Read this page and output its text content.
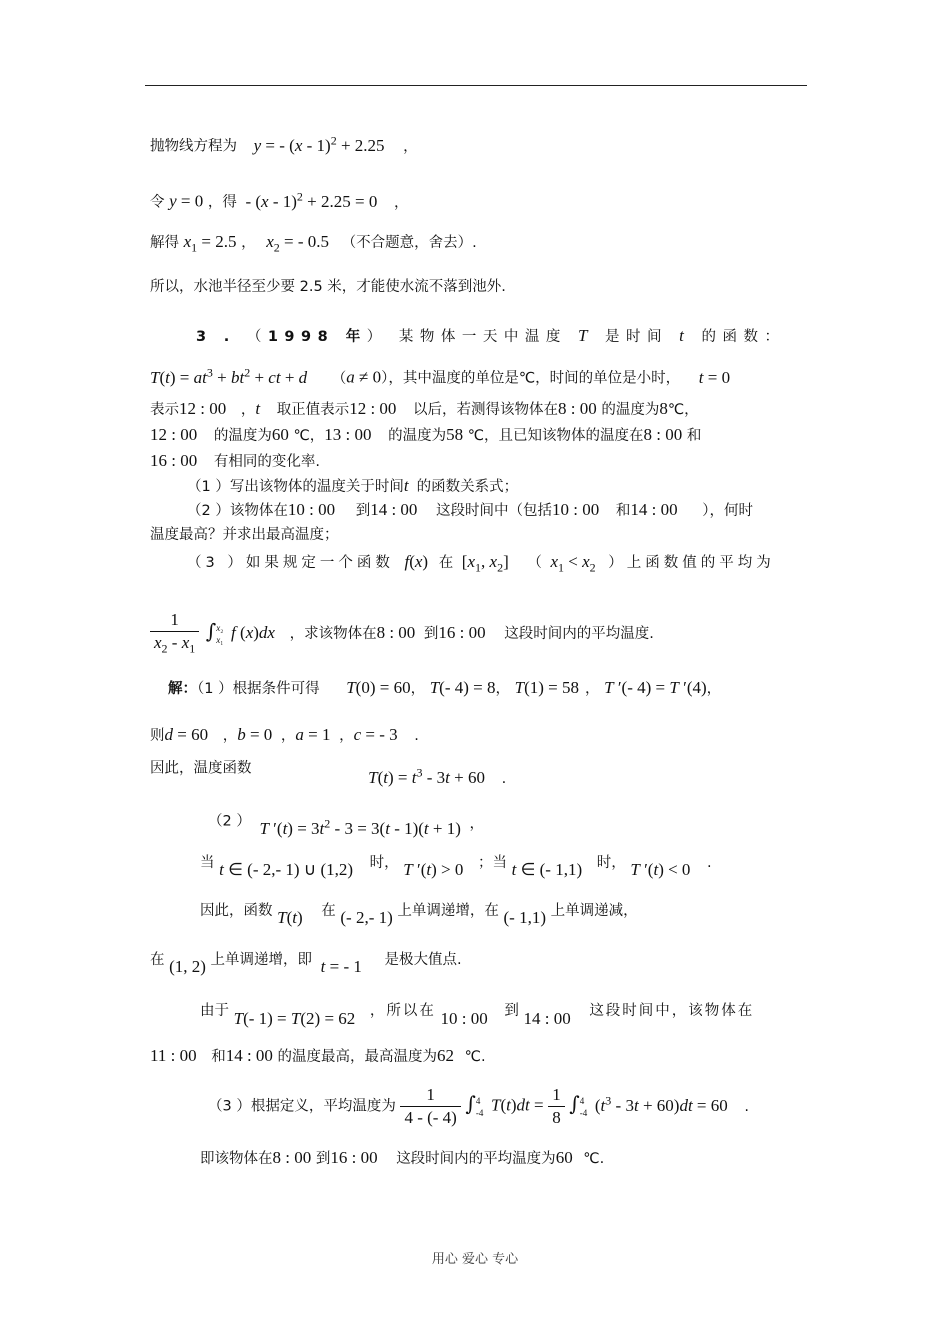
抛物线方程为 y = - (x - 1)$^2$ + 2.25 ，
令 y = 0 ，得 - (x - 1)$^2$ + 2.25 = 0 ，
解得 $x_1 = 2.5$ ， $x_2$ = - 0.5 （不合题意，舍去）.
所以，水池半径至少要 2.5 米，才能使水流不落到池外.
3 . （1998 年） 某物体一天中温度 T 是时间 t 的函数：
$T(t) = at^3 + bt^2$ + ct + d （a ≠ 0），其中温度的单位是℃，时间的单位是小时， t = 0
表示12 : 00 ，t 取正值表示12 : 00 以后，若测得该物体在8 : 00 的温度为8℃，
12 : 00 的温度为60 ℃，13 : 00 的温度为58 ℃，且已知该物体的温度在8 : 00 和
16 : 00 有相同的变化率.
（1 ）写出该物体的温度关于时间t 的函数关系式；
（2 ）该物体在10 : 00 到14 : 00 这段时间中（包括10 : 00 和14 : 00 ），何时
温度最高？并求出最高温度；
（3 ）如果规定一个函数 f(x) 在 [$x_1$, $x_2$] （ $x_1 < x_2$ ）上函数值的平均为
$\frac{1}{x_2 - x_1} \int x_2$
x₁ f (x)dx ，求该物体在8 : 00 到16 : 00 这段时间内的平均温度.
解：（1 ）根据条件可得 T(0) = 60， T(- 4) = 8， T(1) = 58 ， T ′(- 4) = T ′(4)，
则d = 60 ，b = 0 ，a = 1 ，c = - 3 .
因此，温度函数	$T(t) = t^3 - 3t + 60$ .
（2 ） T $'(t) = 3t^2 - 3 = 3(t - 1)(t + 1)$ ，
当 t ∈ (- 2,- 1) ∪ (1,2) 时， T ′(t) > 0 ；当 t ∈ (- 1,1) 时， T ′(t) < 0 .
因此，函数 T(t) 在 (- 2,- 1) 上单调递增，在 (- 1,1) 上单调递减，
在 (1, 2) 上单调递增，即 t = - 1 是极大值点.
由于 T(- 1) = T(2) = 62 ，所以在 10 : 00 到 14 : 00 这段时间中，该物体在
11 : 00 和14 : 00 的温度最高，最高温度为62 ℃.
（3 ）根据定义，平均温度为 $\frac{1}{4 - (- 4)} \int 4$
-4 $T(t)dt = \frac{1}{8} \int 4$
-4 $(t^3 - 3t + 60)dt = 60$ .
即该物体在8 : 00 到16 : 00 这段时间内的平均温度为60 ℃.
用心 爱心 专心
